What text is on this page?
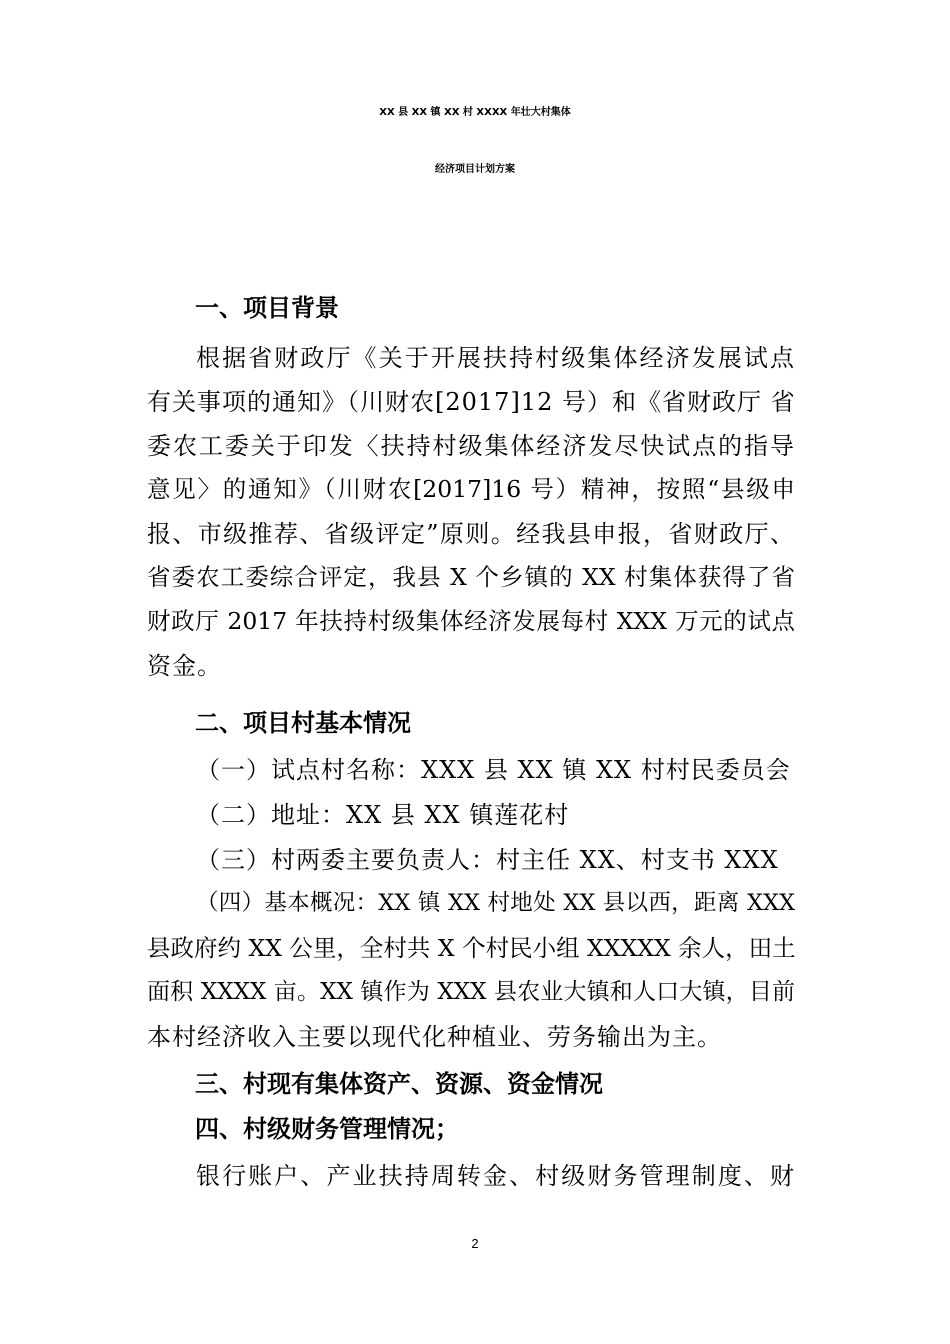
XX 县 XX 镇 XX 村 XXXX 年壮大村集体
经济项目计划方案
一、项目背景
根据省财政厅《关于开展扶持村级集体经济发展试点
有关事项的通知》（川财农[2017]12 号）和《省财政厅 省
委农工委关于印发〈扶持村级集体经济发尽快试点的指导
意见〉的通知》（川财农[2017]16 号）精神，按照“县级申
报、市级推荐、省级评定”原则。经我县申报，省财政厅、
省委农工委综合评定，我县 X 个乡镇的 XX 村集体获得了省
财政厅 2017 年扶持村级集体经济发展每村 XXX 万元的试点
资金。
二、项目村基本情况
（一）试点村名称：XXX 县 XX 镇 XX 村村民委员会
（二）地址：XX 县 XX 镇莲花村
（三）村两委主要负责人：村主任 XX、村支书 XXX
（四）基本概况：XX 镇 XX 村地处 XX 县以西，距离 XXX
县政府约 XX 公里，全村共 X 个村民小组 XXXXX 余人，田土
面积 XXXX 亩。XX 镇作为 XXX 县农业大镇和人口大镇，目前
本村经济收入主要以现代化种植业、劳务输出为主。
三、村现有集体资产、资源、资金情况
四、村级财务管理情况；
银行账户、产业扶持周转金、村级财务管理制度、财
2
